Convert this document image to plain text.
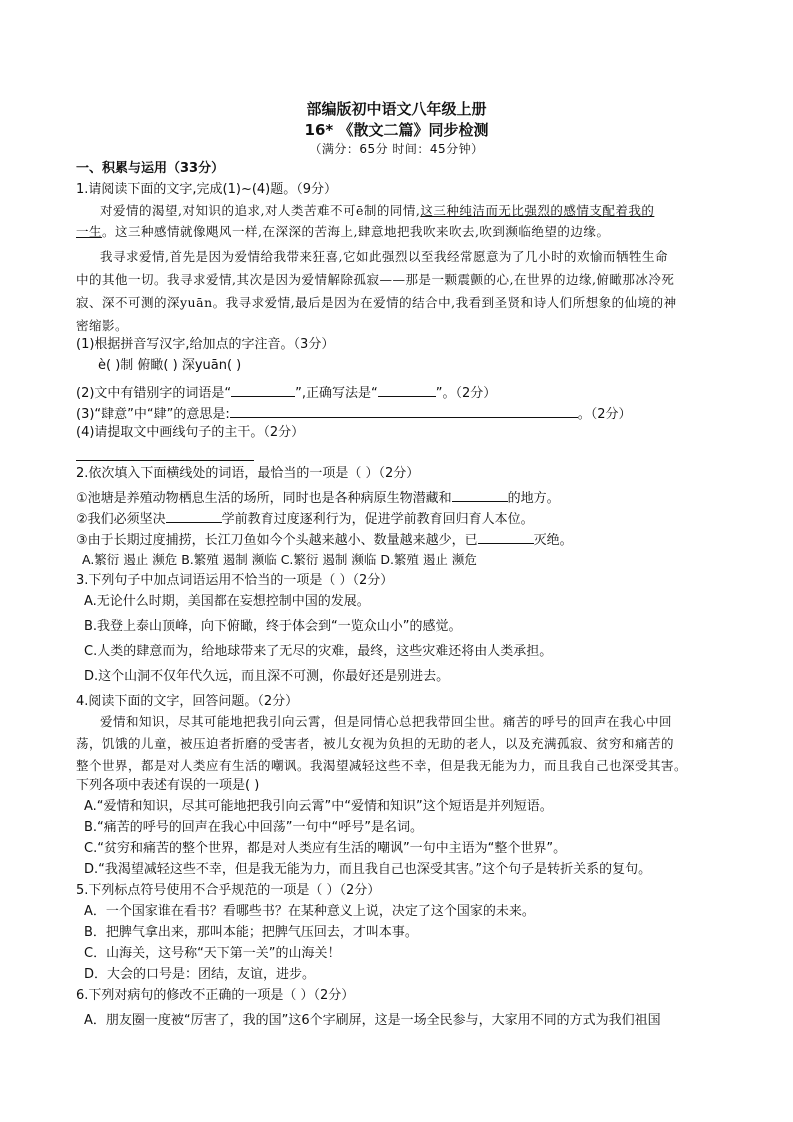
部编版初中语文八年级上册
16* 《散文二篇》同步检测
（满分：65分 时间：45分钟）
一、积累与运用（33分）
1.请阅读下面的文字,完成(1)~(4)题。（9分）
对爱情的渴望,对知识的追求,对人类苦难不可ē制的同情,这三种纯洁而无比强烈的感情支配着我的
一生。这三种感情就像飓风一样,在深深的苦海上,肆意地把我吹来吹去,吹到濒临绝望的边缘。
我寻求爱情,首先是因为爱情给我带来狂喜,它如此强烈以至我经常愿意为了几小时的欢愉而牺牲生命
中的其他一切。我寻求爱情,其次是因为爱情解除孤寂——那是一颗震颤的心,在世界的边缘,俯瞰那冰冷死
寂、深不可测的深yuān。我寻求爱情,最后是因为在爱情的结合中,我看到圣贤和诗人们所想象的仙境的神
密缩影。
(1)根据拼音写汉字,给加点的字注音。（3分）
è( )制 俯瞰( ) 深yuān( )
(2)文中有错别字的词语是“	”,正确写法是“	”。（2分）
(3)“肆意”中“肆”的意思是:	。（2分）
(4)请提取文中画线句子的主干。（2分）
2.依次填入下面横线处的词语，最恰当的一项是（ ）（2分）
①池塘是养殖动物栖息生活的场所，同时也是各种病原生物潜藏和	的地方。
②我们必须坚决	学前教育过度逐利行为，促进学前教育回归育人本位。
③由于长期过度捕捞，长江刀鱼如今个头越来越小、数量越来越少，已	灭绝。
A.繁衍 遏止 濒危 B.繁殖 遏制 濒临 C.繁衍 遏制 濒临 D.繁殖 遏止 濒危
3.下列句子中加点词语运用不恰当的一项是（ ）（2分）
A.无论什么时期，美国都在妄想控制中国的发展。
B.我登上泰山顶峰，向下俯瞰，终于体会到“一览众山小”的感觉。
C.人类的肆意而为，给地球带来了无尽的灾难，最终，这些灾难还将由人类承担。
D.这个山洞不仅年代久远，而且深不可测，你最好还是别进去。
4.阅读下面的文字，回答问题。（2分）
爱情和知识，尽其可能地把我引向云霄，但是同情心总把我带回尘世。痛苦的呼号的回声在我心中回
荡，饥饿的儿童，被压迫者折磨的受害者，被儿女视为负担的无助的老人，以及充满孤寂、贫穷和痛苦的
整个世界，都是对人类应有生活的嘲讽。我渴望减轻这些不幸，但是我无能为力，而且我自己也深受其害。
下列各项中表述有误的一项是( )
A.“爱情和知识，尽其可能地把我引向云霄”中“爱情和知识”这个短语是并列短语。
B.“痛苦的呼号的回声在我心中回荡”一句中“呼号”是名词。
C.“贫穷和痛苦的整个世界，都是对人类应有生活的嘲讽”一句中主语为“整个世界”。
D.“我渴望减轻这些不幸，但是我无能为力，而且我自己也深受其害。”这个句子是转折关系的复句。
5.下列标点符号使用不合乎规范的一项是（ ）（2分）
A．一个国家谁在看书？看哪些书？在某种意义上说，决定了这个国家的未来。
B．把脾气拿出来，那叫本能；把脾气压回去，才叫本事。
C．山海关，这号称“天下第一关”的山海关！
D．大会的口号是：团结，友谊，进步。
6.下列对病句的修改不正确的一项是（ ）（2分）
A．朋友圈一度被“厉害了，我的国”这6个字刷屏，这是一场全民参与，大家用不同的方式为我们祖国
